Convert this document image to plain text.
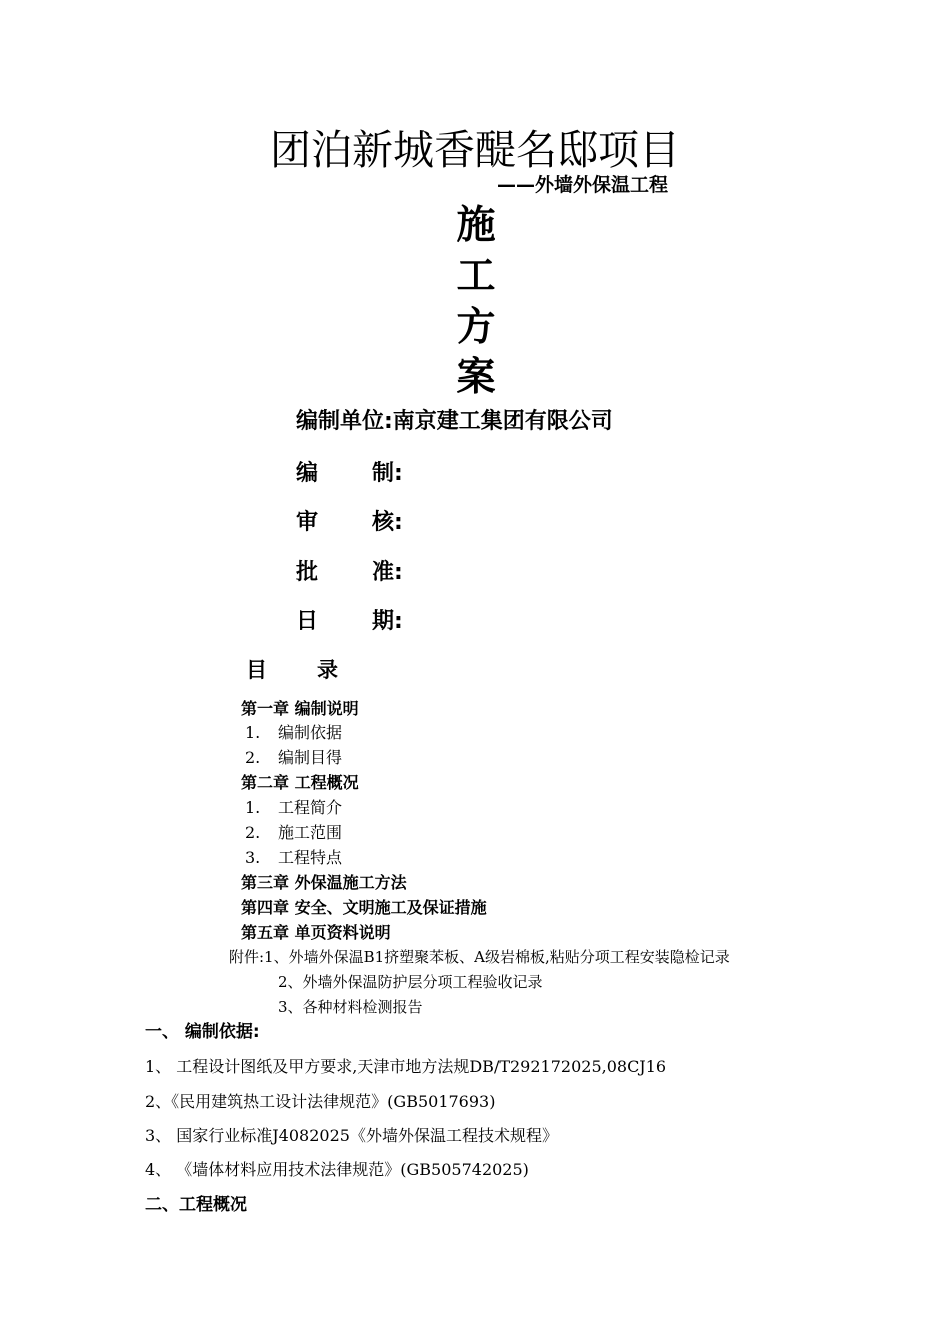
团泊新城香醍名邸项目
——外墙外保温工程
施
工
方
案
编制单位:南京建工集团有限公司
编 制:
审 核:
批 准:
日 期:
目 录
第一章 编制说明
1. 编制依据
2. 编制目得
第二章 工程概况
1. 工程简介
2. 施工范围
3. 工程特点
第三章 外保温施工方法
第四章 安全、文明施工及保证措施
第五章 单页资料说明
附件:1、外墙外保温B1挤塑聚苯板、A级岩棉板,粘贴分项工程安装隐检记录
2、外墙外保温防护层分项工程验收记录
3、各种材料检测报告
一、 编制依据:
1、 工程设计图纸及甲方要求,天津市地方法规DB/T292172025,08CJ16
2、《民用建筑热工设计法律规范》(GB5017693)
3、 国家行业标准J4082025《外墙外保温工程技术规程》
4、 《墙体材料应用技术法律规范》(GB505742025)
二、工程概况
